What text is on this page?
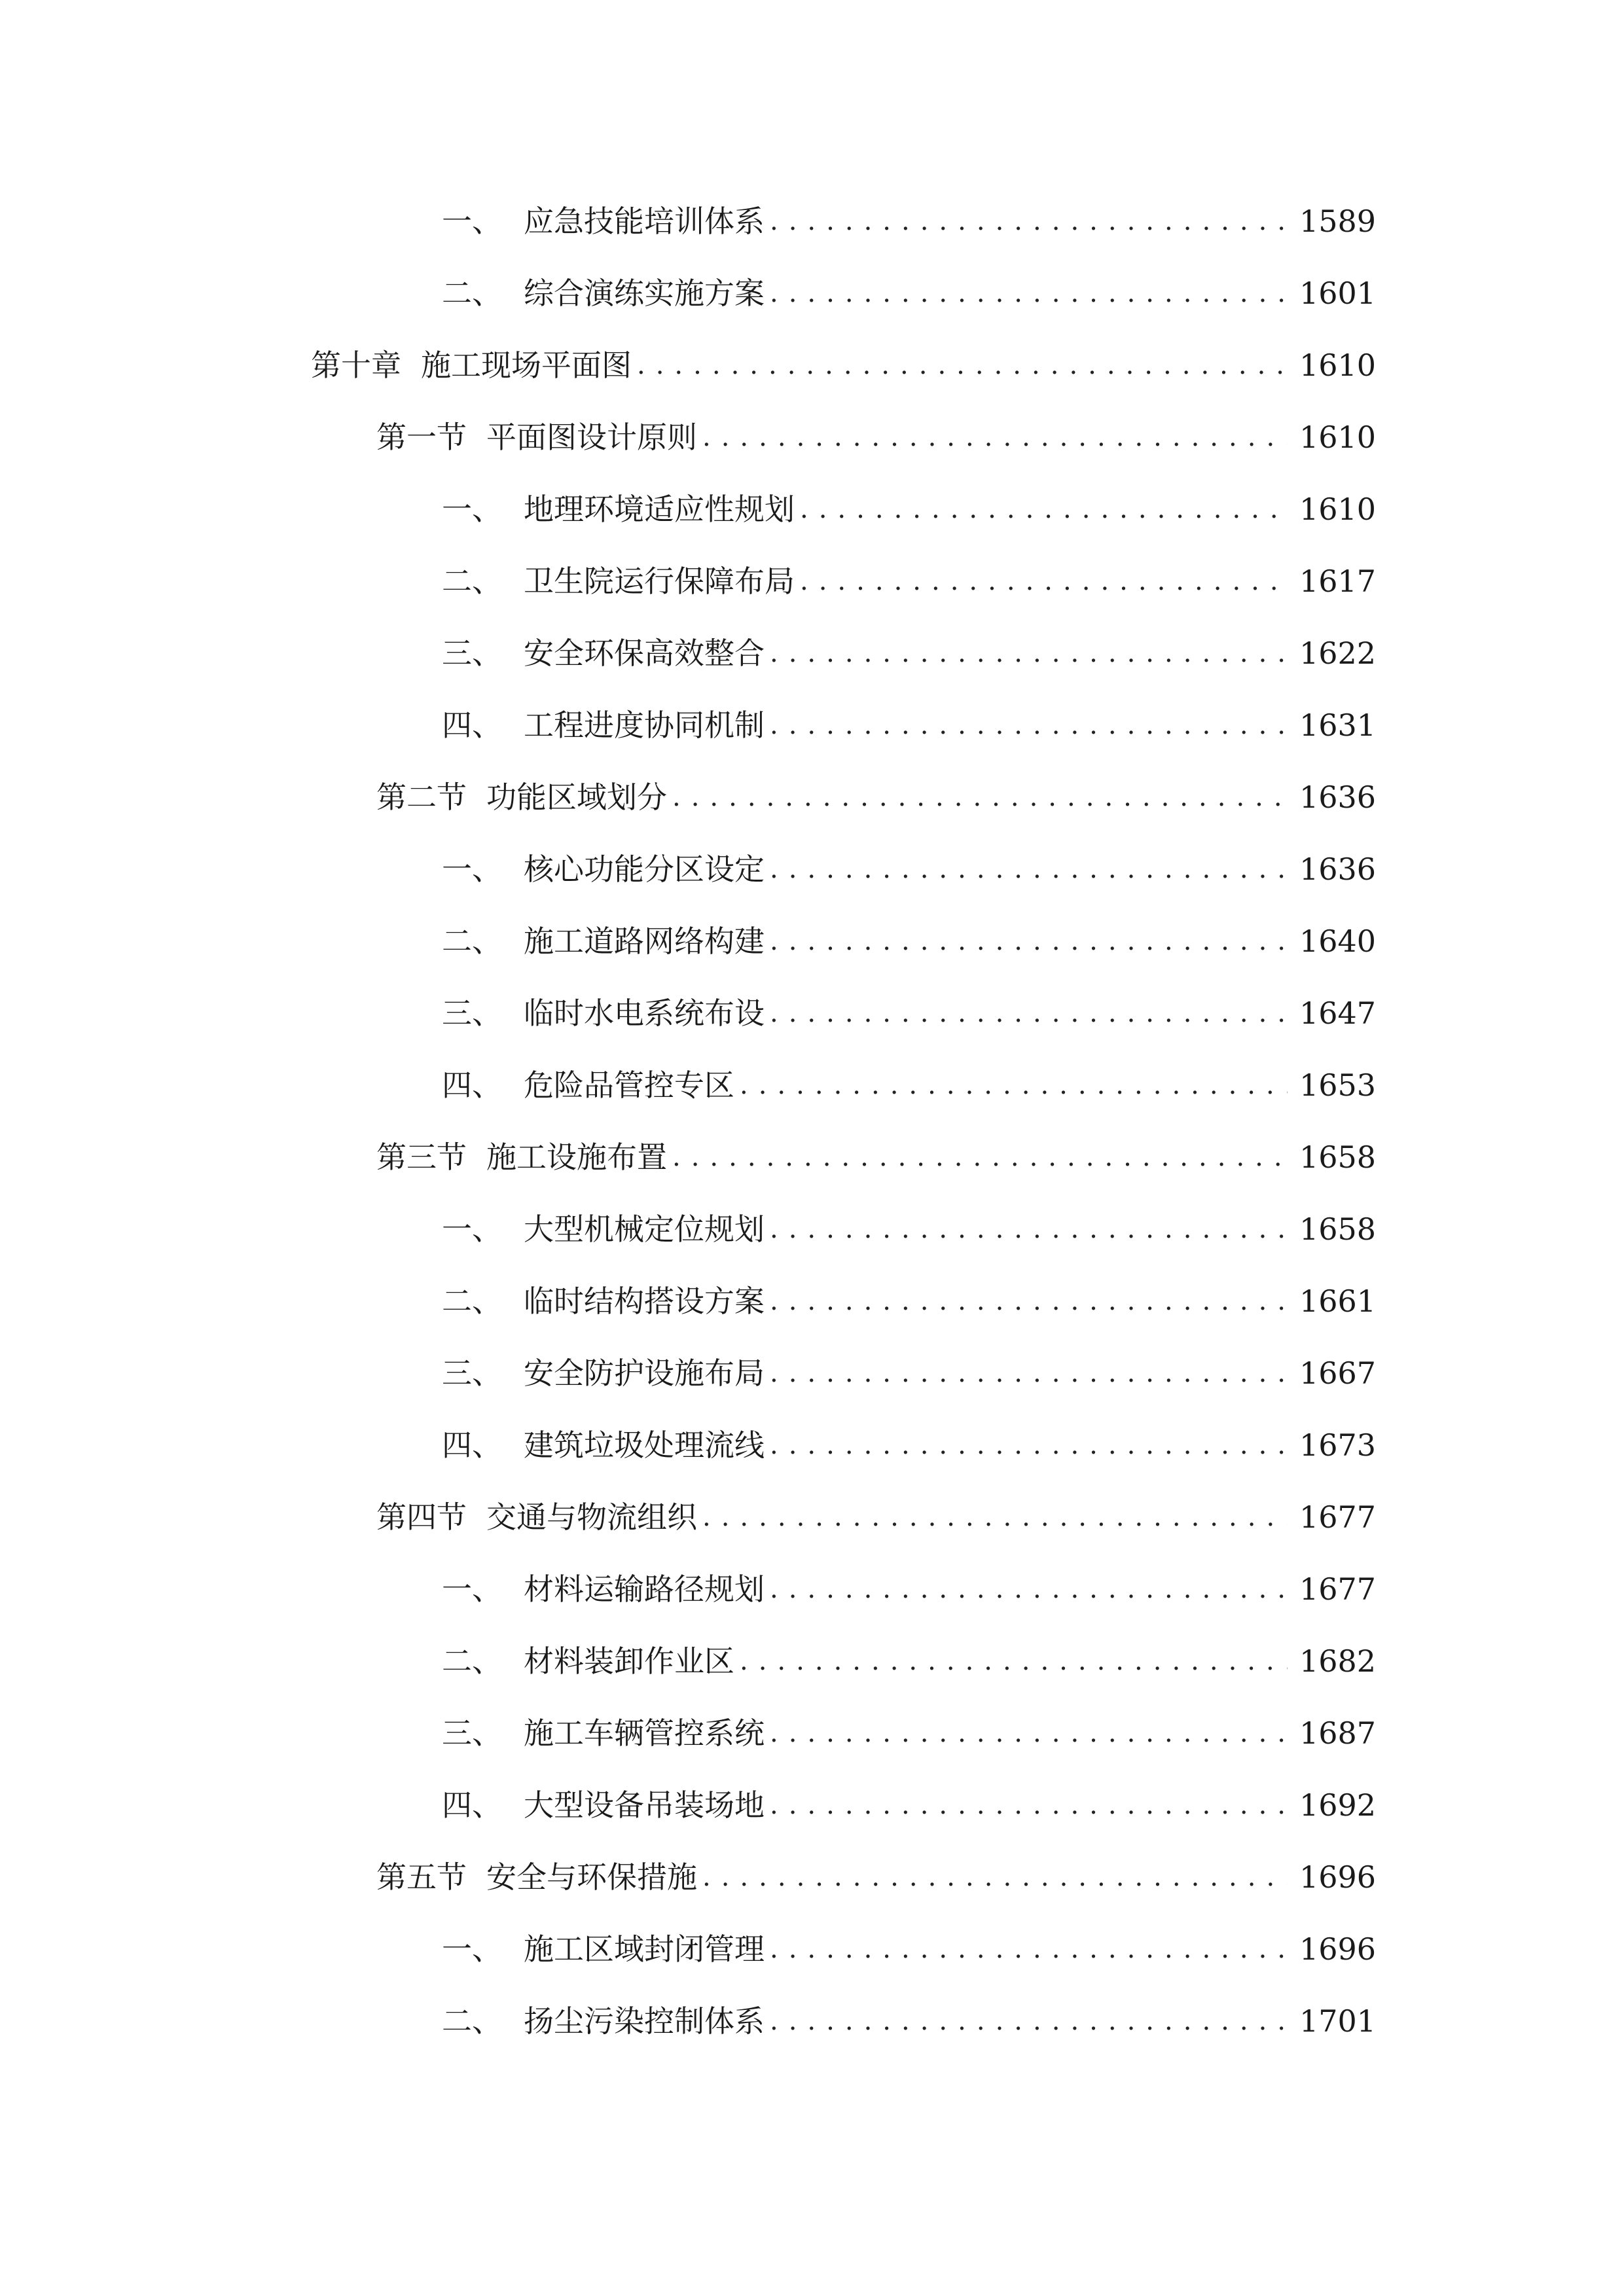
一、 应急技能培训体系 .....	1589
二、 综合演练实施方案 .....	1601
第十章 施工现场平面图 .....	1610
第一节 平面图设计原则 .....	1610
一、 地理环境适应性规划 .....	1610
二、 卫生院运行保障布局 .....	1617
三、 安全环保高效整合 .....	1622
四、 工程进度协同机制 .....	1631
第二节 功能区域划分 .....	1636
一、 核心功能分区设定 .....	1636
二、 施工道路网络构建 .....	1640
三、 临时水电系统布设 .....	1647
四、 危险品管控专区 .....	1653
第三节 施工设施布置 .....	1658
一、 大型机械定位规划 .....	1658
二、 临时结构搭设方案 .....	1661
三、 安全防护设施布局 .....	1667
四、 建筑垃圾处理流线 .....	1673
第四节 交通与物流组织 .....	1677
一、 材料运输路径规划 .....	1677
二、 材料装卸作业区 .....	1682
三、 施工车辆管控系统 .....	1687
四、 大型设备吊装场地 .....	1692
第五节 安全与环保措施 .....	1696
一、 施工区域封闭管理 .....	1696
二、 扬尘污染控制体系 .....	1701
